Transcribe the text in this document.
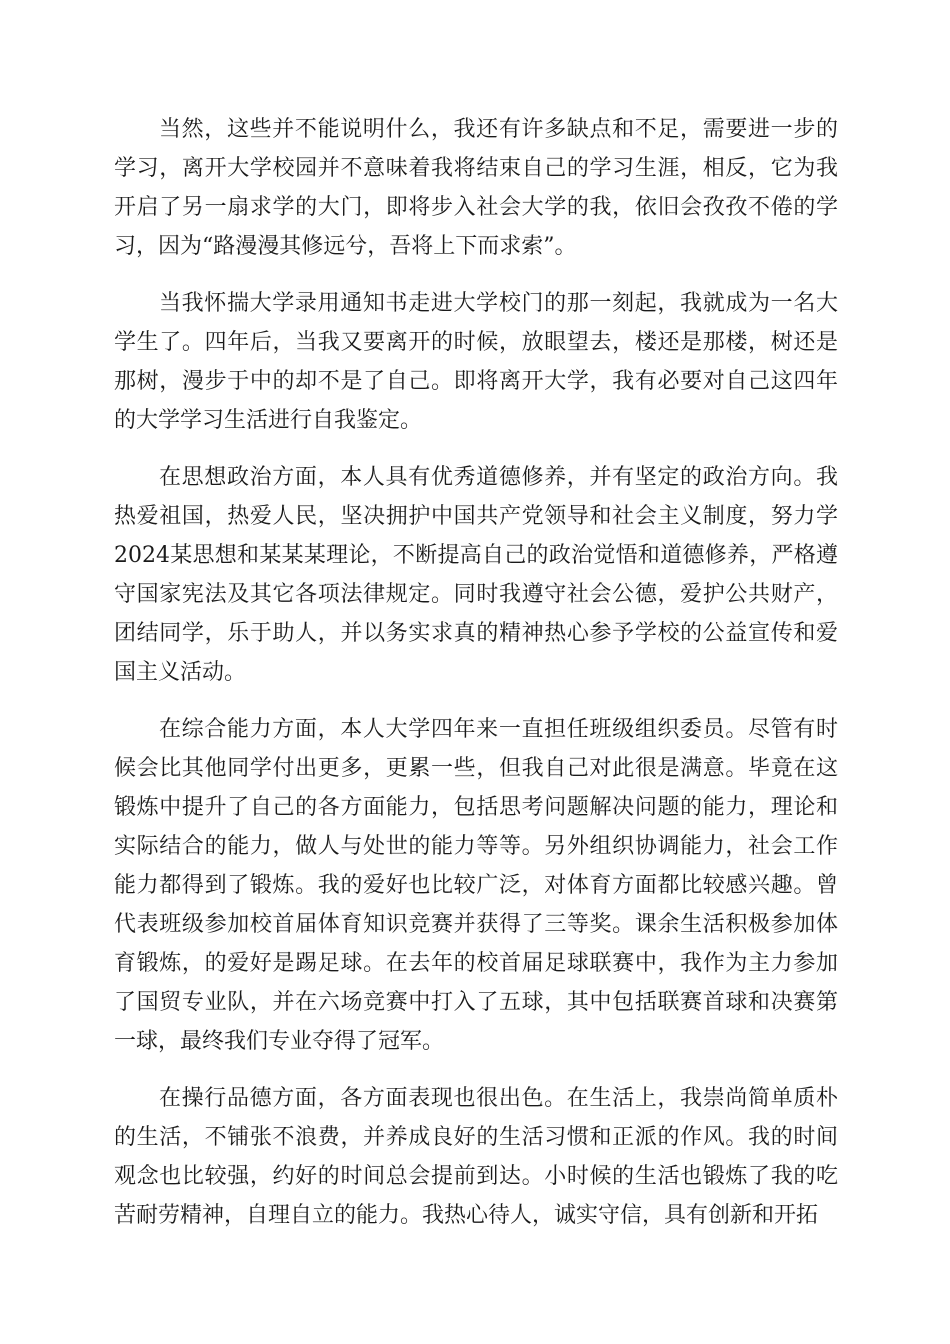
当然，这些并不能说明什么，我还有许多缺点和不足，需要进一步的学习，离开大学校园并不意味着我将结束自己的学习生涯，相反，它为我开启了另一扇求学的大门，即将步入社会大学的我，依旧会孜孜不倦的学习，因为“路漫漫其修远兮，吾将上下而求索”。

当我怀揣大学录用通知书走进大学校门的那一刻起，我就成为一名大学生了。四年后，当我又要离开的时候，放眼望去，楼还是那楼，树还是那树，漫步于中的却不是了自己。即将离开大学，我有必要对自己这四年的大学学习生活进行自我鉴定。

在思想政治方面，本人具有优秀道德修养，并有坚定的政治方向。我热爱祖国，热爱人民，坚决拥护中国共产党领导和社会主义制度，努力学2024某思想和某某某理论，不断提高自己的政治觉悟和道德修养，严格遵守国家宪法及其它各项法律规定。同时我遵守社会公德，爱护公共财产，团结同学，乐于助人，并以务实求真的精神热心参予学校的公益宣传和爱国主义活动。

在综合能力方面，本人大学四年来一直担任班级组织委员。尽管有时候会比其他同学付出更多，更累一些，但我自己对此很是满意。毕竟在这锻炼中提升了自己的各方面能力，包括思考问题解决问题的能力，理论和实际结合的能力，做人与处世的能力等等。另外组织协调能力，社会工作能力都得到了锻炼。我的爱好也比较广泛，对体育方面都比较感兴趣。曾代表班级参加校首届体育知识竞赛并获得了三等奖。课余生活积极参加体育锻炼，的爱好是踢足球。在去年的校首届足球联赛中，我作为主力参加了国贸专业队，并在六场竞赛中打入了五球，其中包括联赛首球和决赛第一球，最终我们专业夺得了冠军。

在操行品德方面，各方面表现也很出色。在生活上，我崇尚简单质朴的生活，不铺张不浪费，并养成良好的生活习惯和正派的作风。我的时间观念也比较强，约好的时间总会提前到达。小时候的生活也锻炼了我的吃苦耐劳精神，自理自立的能力。我热心待人，诚实守信，具有创新和开拓
